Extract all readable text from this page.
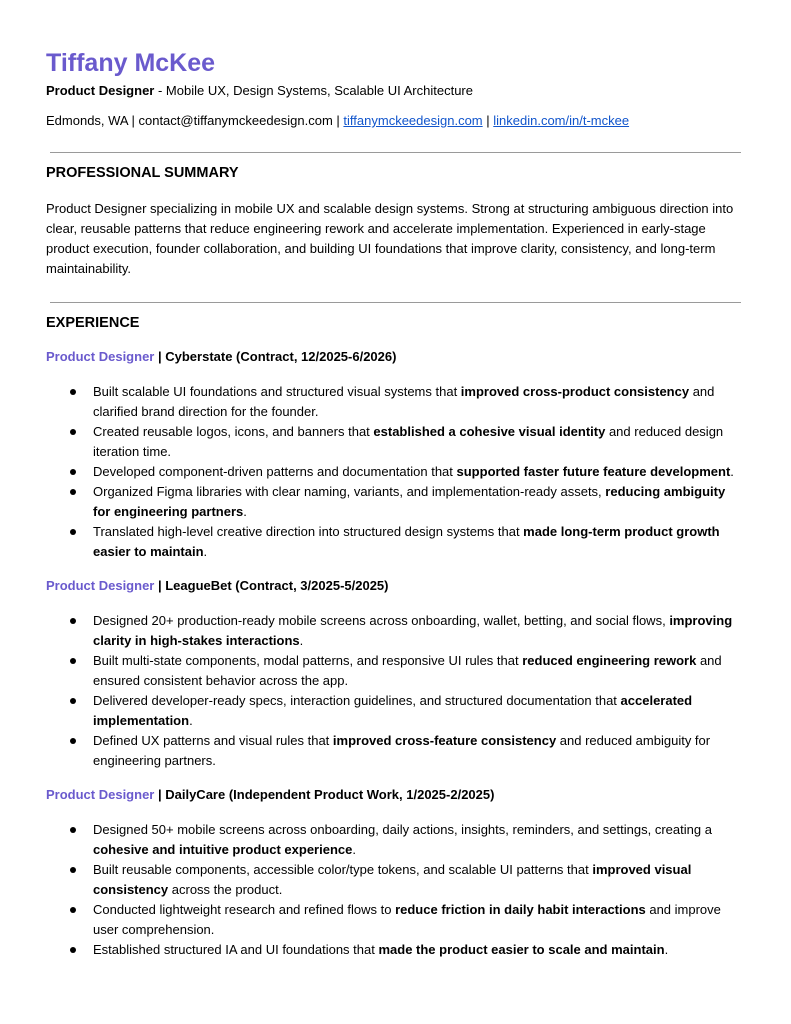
Tiffany McKee
Product Designer - Mobile UX, Design Systems, Scalable UI Architecture
Edmonds, WA | contact@tiffanymckeedesign.com | tiffanymckeedesign.com | linkedin.com/in/t-mckee
PROFESSIONAL SUMMARY
Product Designer specializing in mobile UX and scalable design systems. Strong at structuring ambiguous direction into clear, reusable patterns that reduce engineering rework and accelerate implementation. Experienced in early-stage product execution, founder collaboration, and building UI foundations that improve clarity, consistency, and long-term maintainability.
EXPERIENCE
Product Designer | Cyberstate (Contract, 12/2025-6/2026)
Built scalable UI foundations and structured visual systems that improved cross-product consistency and clarified brand direction for the founder.
Created reusable logos, icons, and banners that established a cohesive visual identity and reduced design iteration time.
Developed component-driven patterns and documentation that supported faster future feature development.
Organized Figma libraries with clear naming, variants, and implementation-ready assets, reducing ambiguity for engineering partners.
Translated high-level creative direction into structured design systems that made long-term product growth easier to maintain.
Product Designer | LeagueBet (Contract, 3/2025-5/2025)
Designed 20+ production-ready mobile screens across onboarding, wallet, betting, and social flows, improving clarity in high-stakes interactions.
Built multi-state components, modal patterns, and responsive UI rules that reduced engineering rework and ensured consistent behavior across the app.
Delivered developer-ready specs, interaction guidelines, and structured documentation that accelerated implementation.
Defined UX patterns and visual rules that improved cross-feature consistency and reduced ambiguity for engineering partners.
Product Designer | DailyCare (Independent Product Work, 1/2025-2/2025)
Designed 50+ mobile screens across onboarding, daily actions, insights, reminders, and settings, creating a cohesive and intuitive product experience.
Built reusable components, accessible color/type tokens, and scalable UI patterns that improved visual consistency across the product.
Conducted lightweight research and refined flows to reduce friction in daily habit interactions and improve user comprehension.
Established structured IA and UI foundations that made the product easier to scale and maintain.
